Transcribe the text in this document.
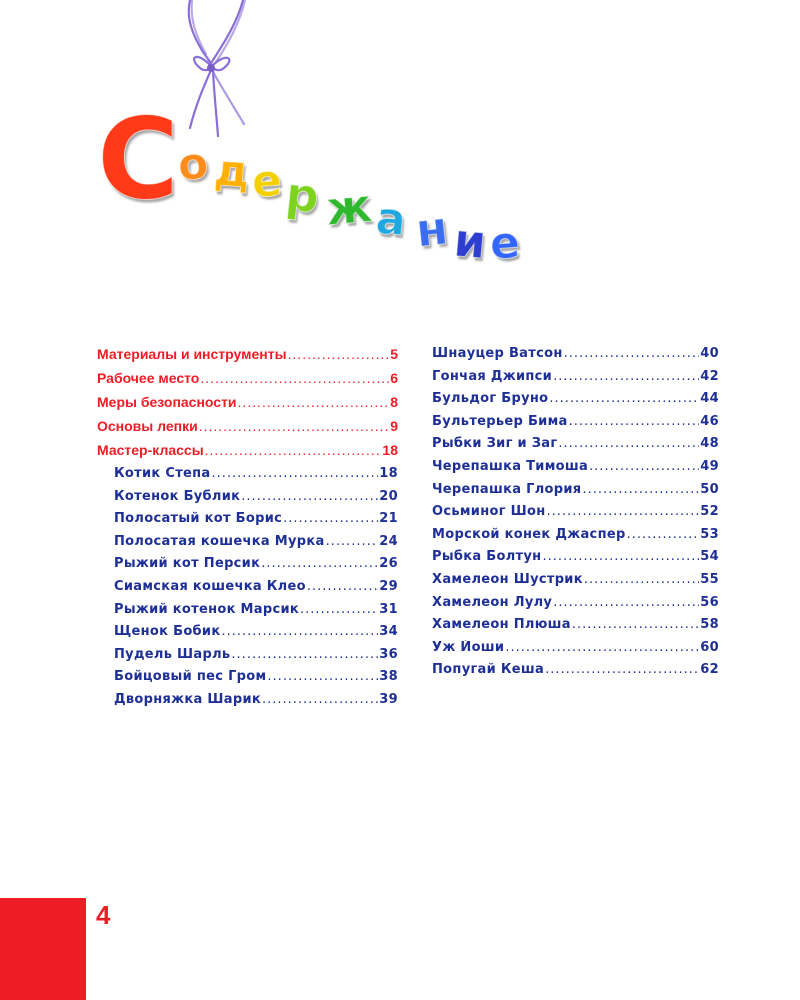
С
о д
е р ж а н и е
Материалы и инструменты .....	5
Рабочее место .....	6
Меры безопасности .....	8
Основы лепки .....	9
Мастер-классы .....	18
Котик Степа .....	18
Котенок Бублик .....	20
Полосатый кот Борис .....	21
Полосатая кошечка Мурка .....	24
Рыжий кот Персик .....	26
Сиамская кошечка Клео .....	29
Рыжий котенок Марсик .....	31
Щенок Бобик .....	34
Пудель Шарль .....	36
Бойцовый пес Гром .....	38
Дворняжка Шарик .....	39
Шнауцер Ватсон .....	40
Гончая Джипси .....	42
Бульдог Бруно .....	44
Бультерьер Бима .....	46
Рыбки Зиг и Заг .....	48
Черепашка Тимоша .....	49
Черепашка Глория .....	50
Осьминог Шон .....	52
Морской конек Джаспер .....	53
Рыбка Болтун .....	54
Хамелеон Шустрик .....	55
Хамелеон Лулу .....	56
Хамелеон Плюша .....	58
Уж Йоши .....	60
Попугай Кеша .....	62
4
